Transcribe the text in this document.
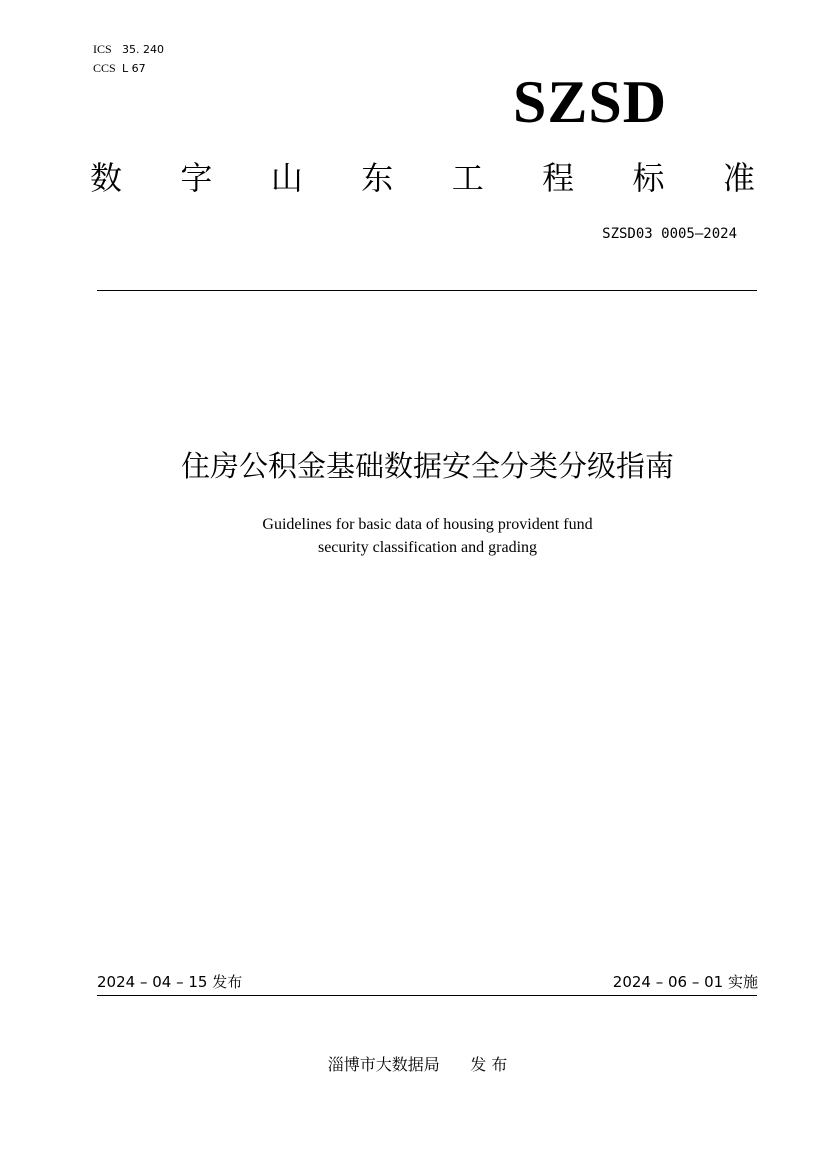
ICS 35. 240
CCS L 67
SZSD
数 字 山 东 工 程 标 准
SZSD03 0005—2024
住房公积金基础数据安全分类分级指南
Guidelines for basic data of housing provident fund
security classification and grading
2024 – 04 – 15 发布	2024 – 06 – 01 实施
淄博市大数据局 发 布
